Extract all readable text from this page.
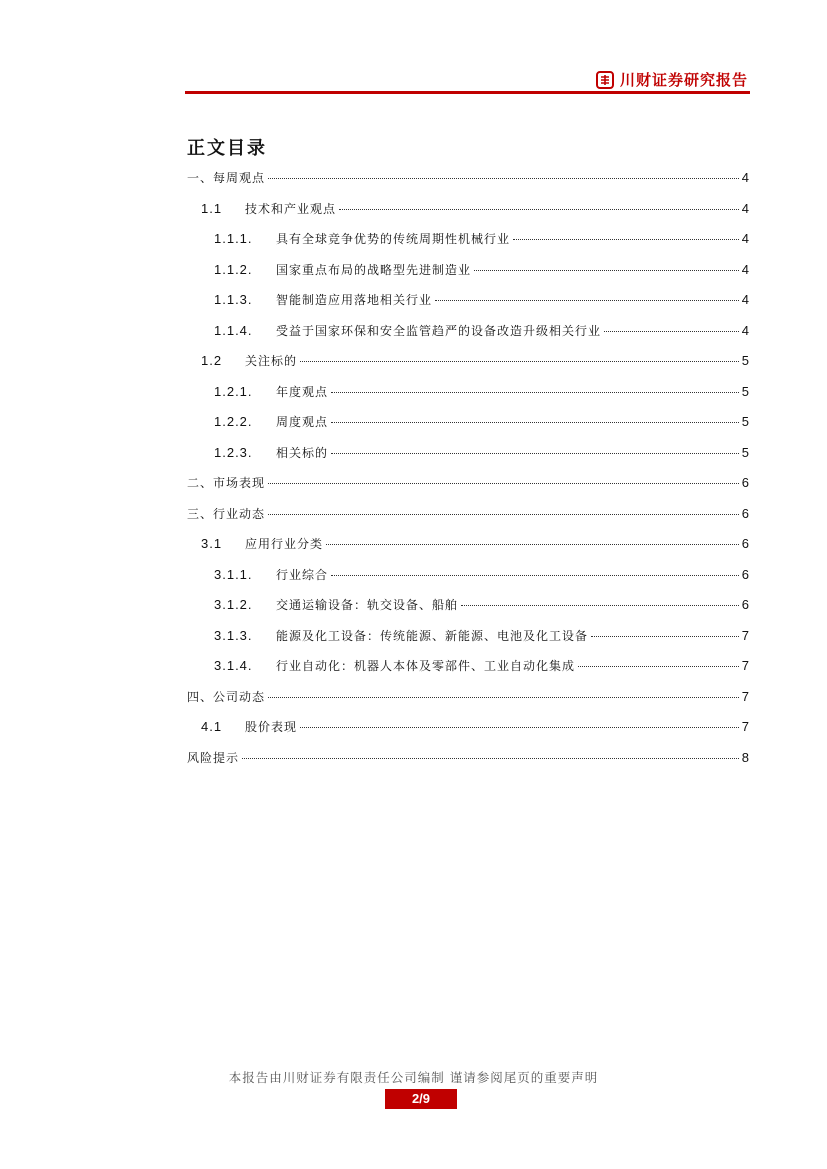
川财证券研究报告
正文目录
一、 每周观点	4
1.1	技术和产业观点	4
1.1.1.	具有全球竞争优势的传统周期性机械行业	4
1.1.2.	国家重点布局的战略型先进制造业	4
1.1.3.	智能制造应用落地相关行业	4
1.1.4.	受益于国家环保和安全监管趋严的设备改造升级相关行业	4
1.2	关注标的	5
1.2.1.	年度观点	5
1.2.2.	周度观点	5
1.2.3.	相关标的	5
二、 市场表现	6
三、 行业动态	6
3.1	应用行业分类	6
3.1.1.	行业综合	6
3.1.2.	交通运输设备：轨交设备、船舶	6
3.1.3.	能源及化工设备：传统能源、新能源、电池及化工设备	7
3.1.4.	行业自动化：机器人本体及零部件、工业自动化集成	7
四、 公司动态	7
4.1	股价表现	7
风险提示	8
本报告由川财证券有限责任公司编制 谨请参阅尾页的重要声明
2/9
